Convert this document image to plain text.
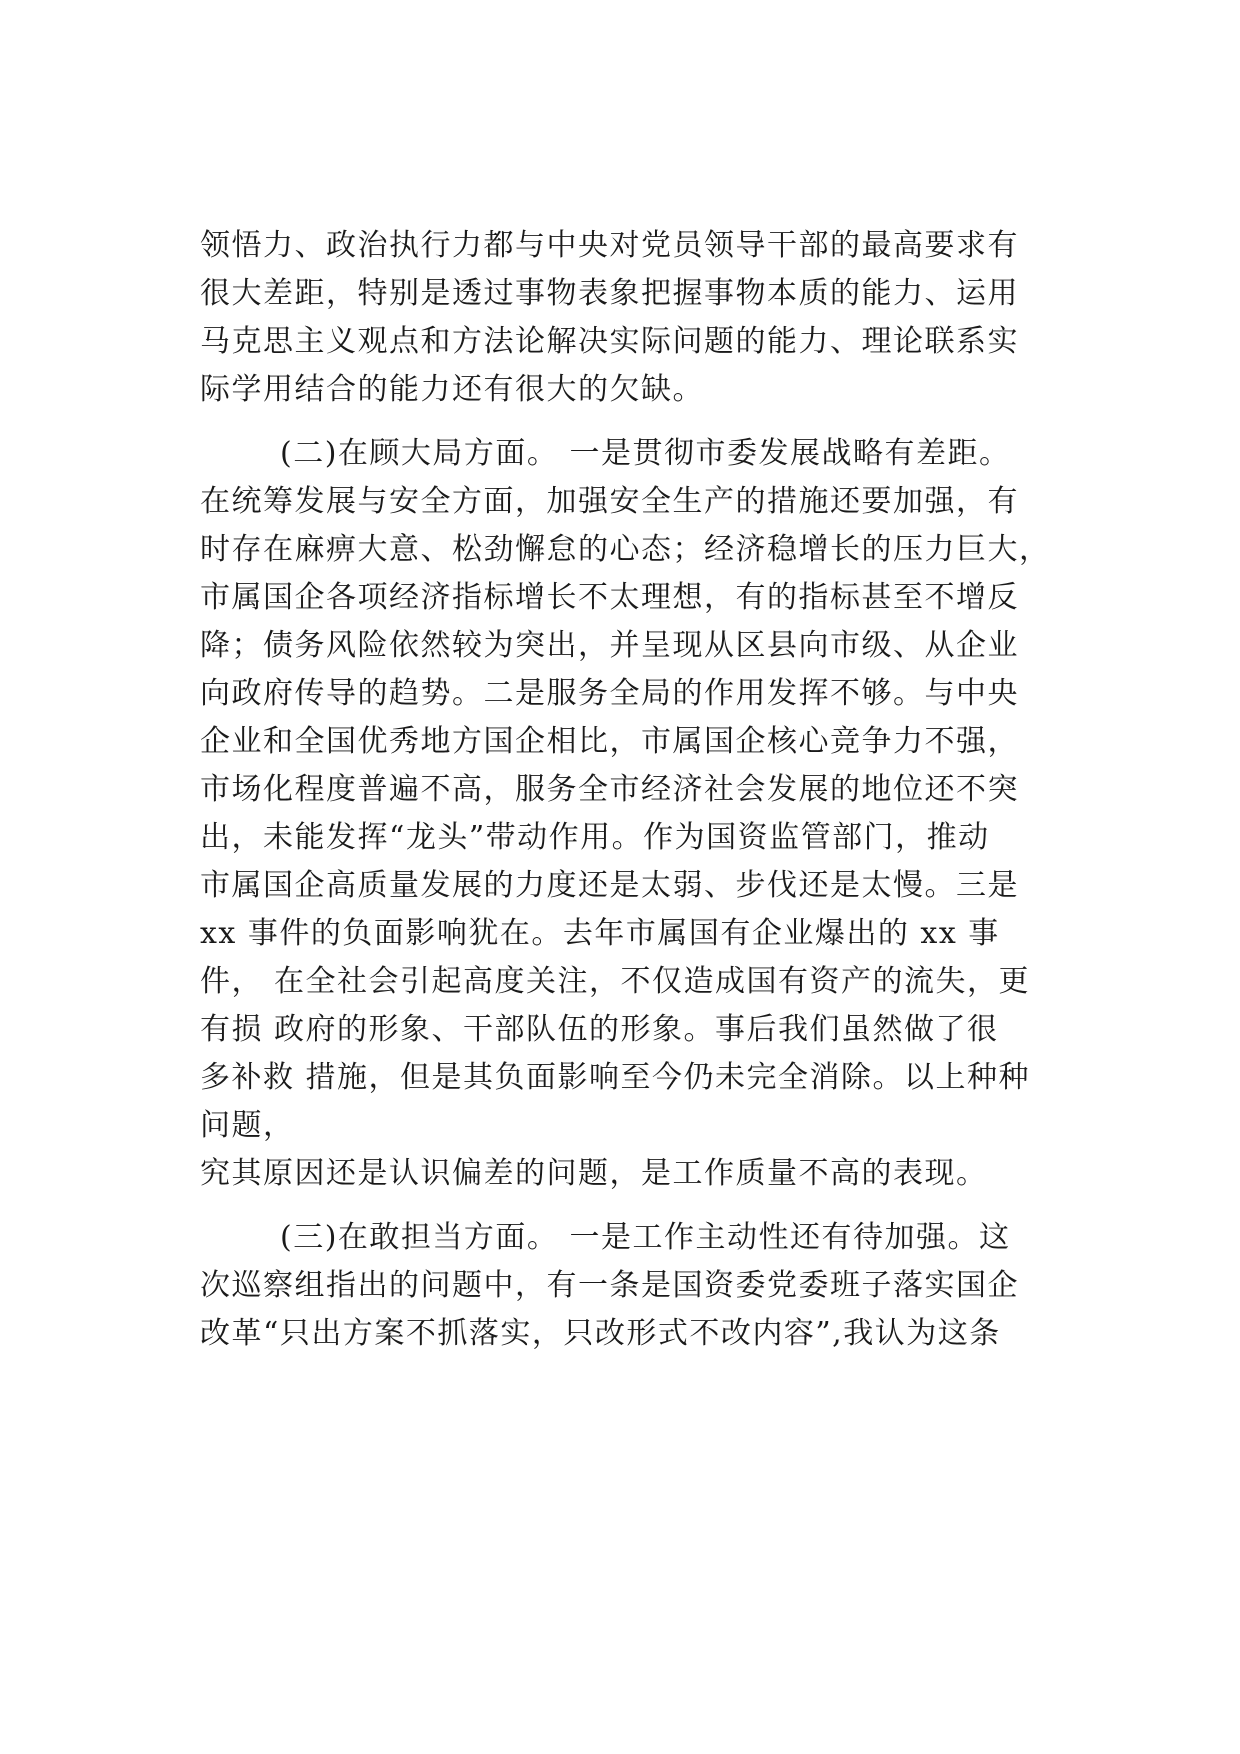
领悟力、政治执行力都与中央对党员领导干部的最高要求有
很大差距，特别是透过事物表象把握事物本质的能力、运用
马克思主义观点和方法论解决实际问题的能力、理论联系实
际学用结合的能力还有很大的欠缺。
(二)在顾大局方面。 一是贯彻市委发展战略有差距。
在统筹发展与安全方面，加强安全生产的措施还要加强，有
时存在麻痹大意、松劲懈怠的心态；经济稳增长的压力巨大，
市属国企各项经济指标增长不太理想，有的指标甚至不增反
降；债务风险依然较为突出，并呈现从区县向市级、从企业
向政府传导的趋势。二是服务全局的作用发挥不够。与中央
企业和全国优秀地方国企相比，市属国企核心竞争力不强，
市场化程度普遍不高，服务全市经济社会发展的地位还不突
出，未能发挥“龙头”带动作用。作为国资监管部门，推动
市属国企高质量发展的力度还是太弱、步伐还是太慢。三是
xx 事件的负面影响犹在。去年市属国有企业爆出的 xx 事
件， 在全社会引起高度关注，不仅造成国有资产的流失，更
有损 政府的形象、干部队伍的形象。事后我们虽然做了很
多补救 措施，但是其负面影响至今仍未完全消除。以上种种
问题，
究其原因还是认识偏差的问题，是工作质量不高的表现。
(三)在敢担当方面。 一是工作主动性还有待加强。这
次巡察组指出的问题中，有一条是国资委党委班子落实国企
改革“只出方案不抓落实，只改形式不改内容”,我认为这条
